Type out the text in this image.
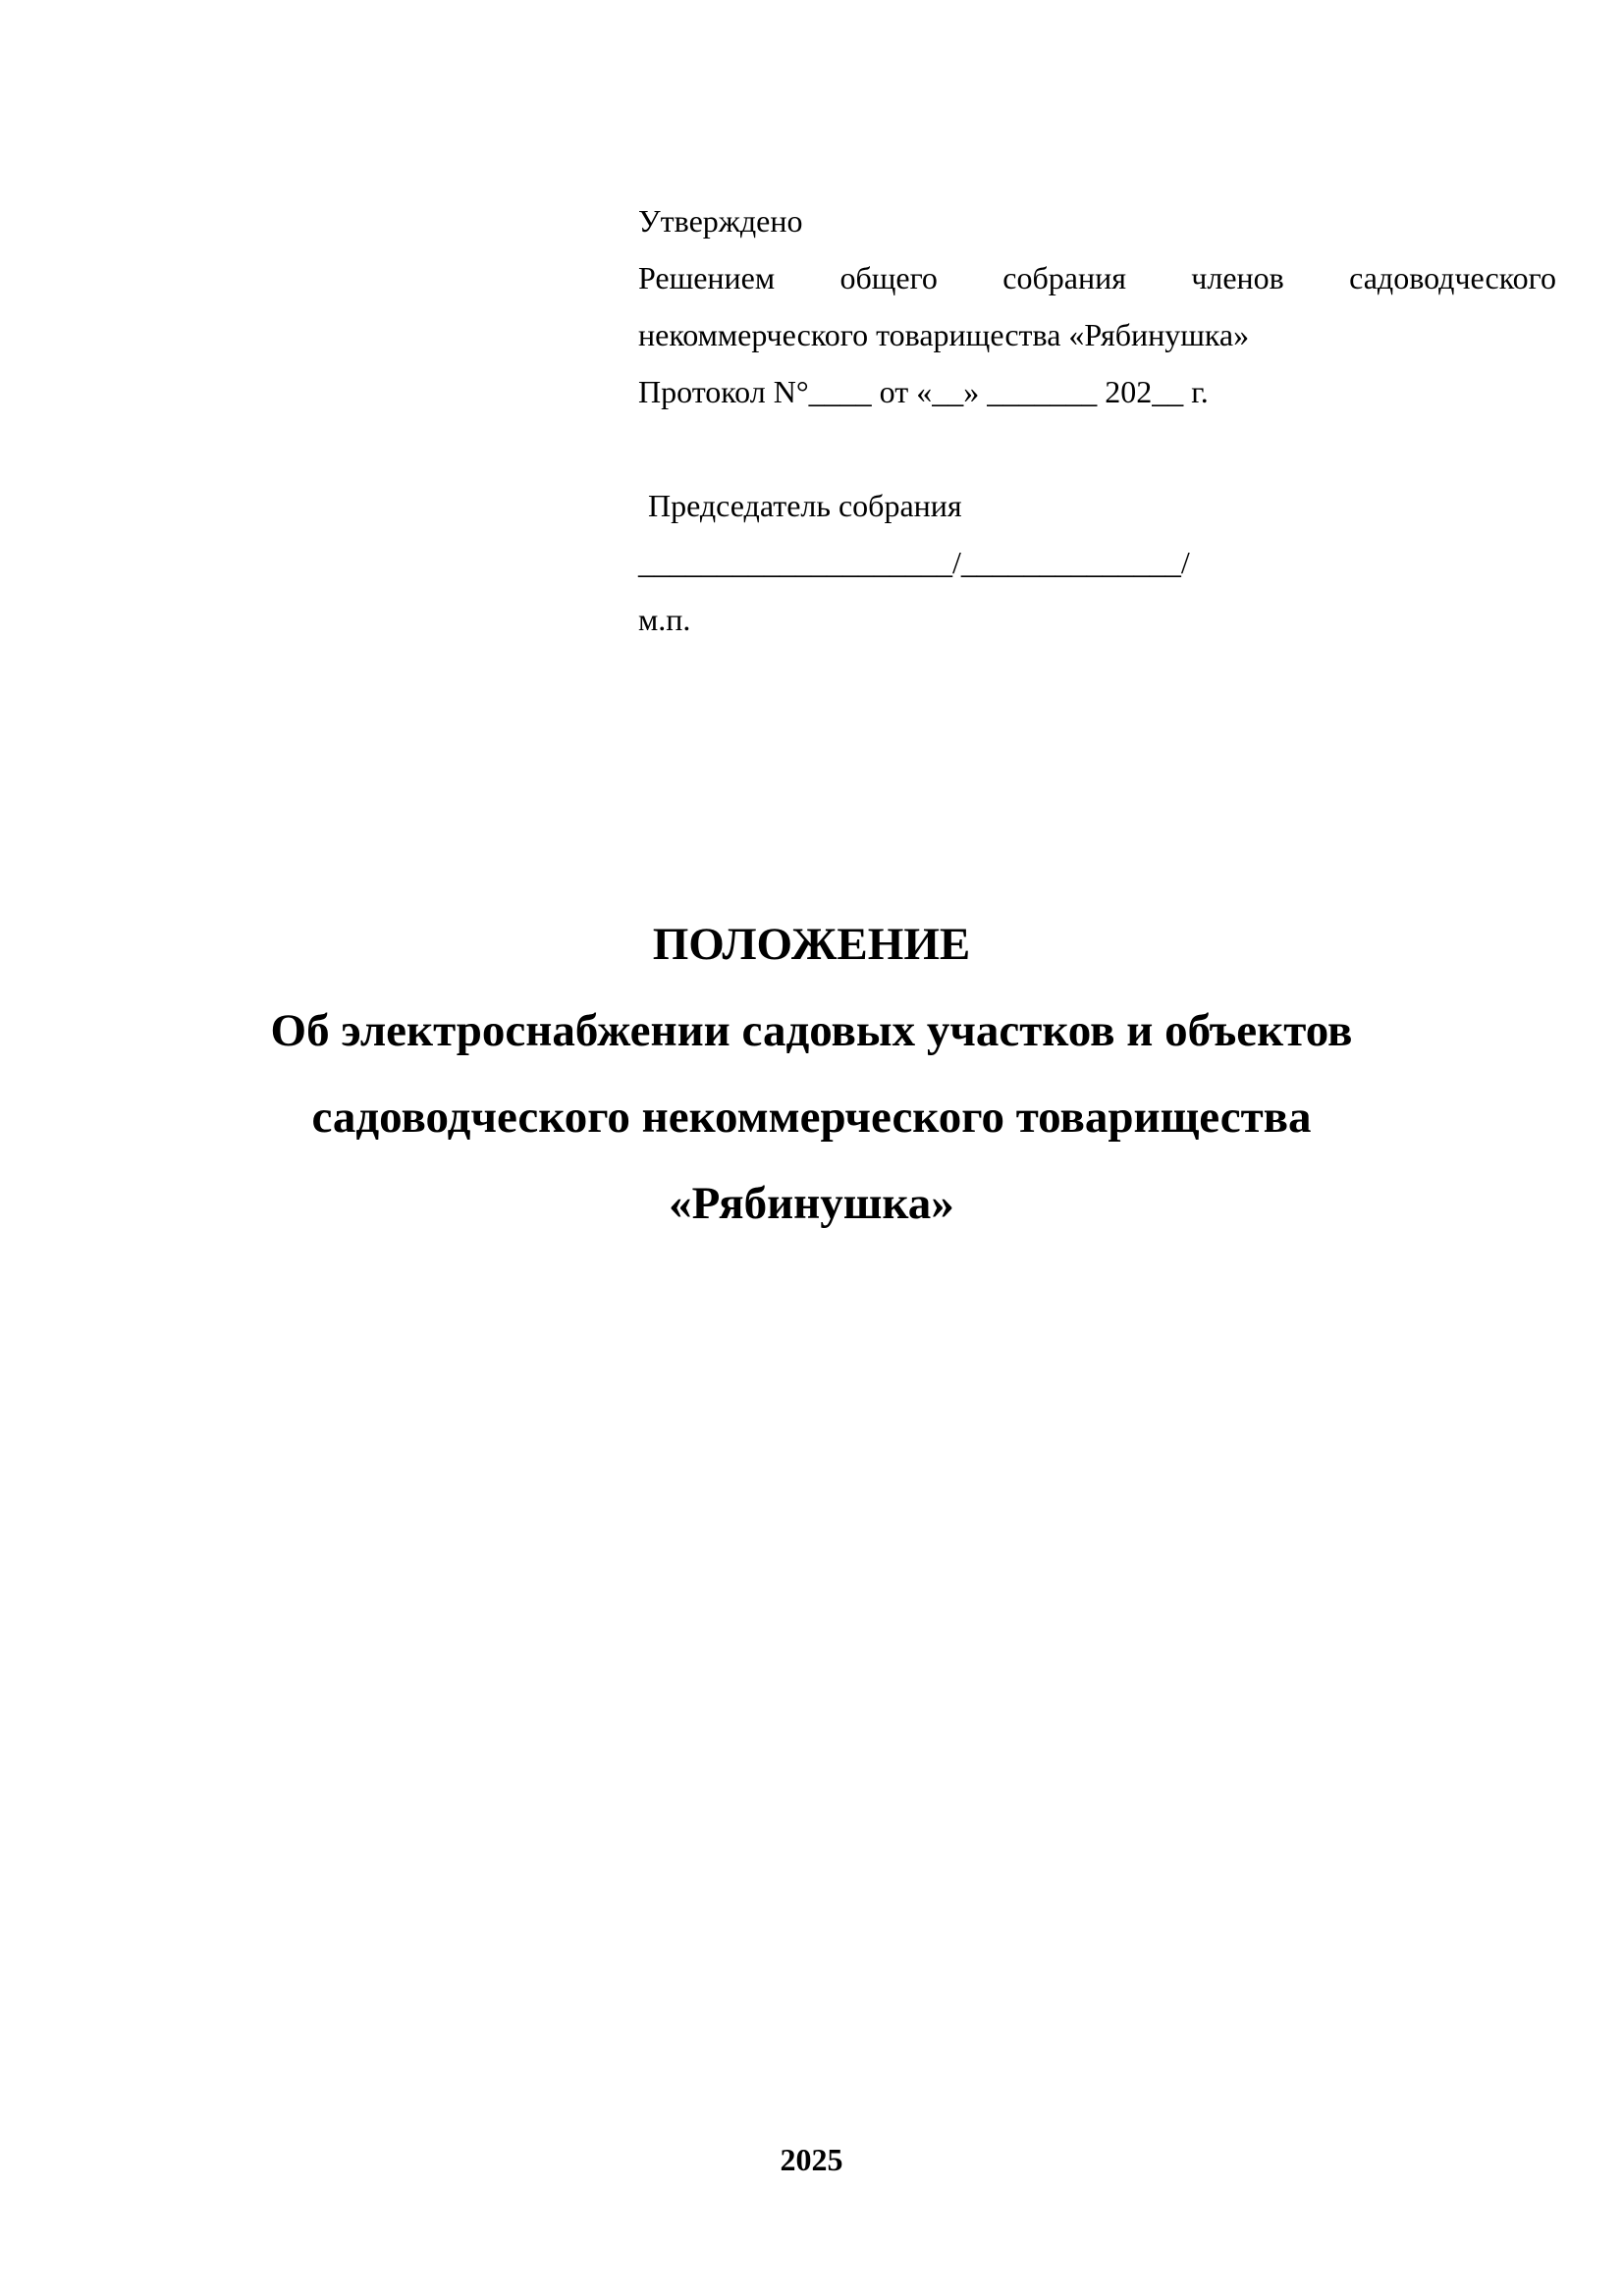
Утверждено
Решением общего собрания членов садоводческого
некоммерческого товарищества «Рябинушка»
Протокол N°____ от «__» _______ 202__ г.
Председатель собрания
____________________/______________/
м.п.
ПОЛОЖЕНИЕ
Об электроснабжении садовых участков и объектов
садоводческого некоммерческого товарищества
«Рябинушка»
2025
